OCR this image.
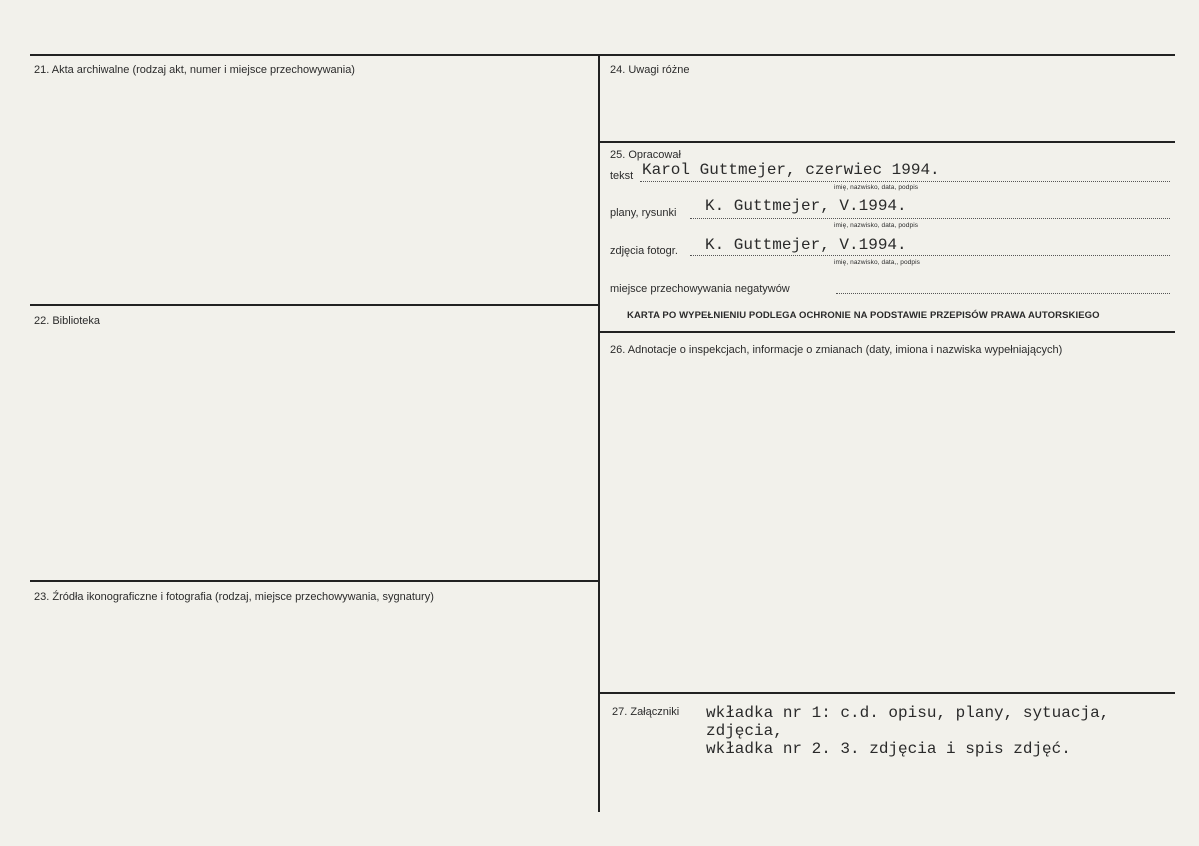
21. Akta archiwalne (rodzaj akt, numer i miejsce przechowywania)
22. Biblioteka
23. Źródła ikonograficzne i fotografia (rodzaj, miejsce przechowywania, sygnatury)
24. Uwagi różne
25. Opracował
tekst Karol Guttmejer, czerwiec 1994.
imię, nazwisko, data, podpis
plany, rysunki K. Guttmejer, V.1994.
imię, nazwisko, data, podpis
zdjęcia fotogr. K. Guttmejer, V.1994.
imię, nazwisko, data,, podpis
miejsce przechowywania negatywów
KARTA PO WYPEŁNIENIU PODLEGA OCHRONIE NA PODSTAWIE PRZEPISÓW PRAWA AUTORSKIEGO
26. Adnotacje o inspekcjach, informacje o zmianach (daty, imiona i nazwiska wypełniających)
27. Załączniki wkładka nr 1: c.d. opisu, plany, sytuacja,
zdjęcia,
wkładka nr 2. 3. zdjęcia i spis zdjęć.
